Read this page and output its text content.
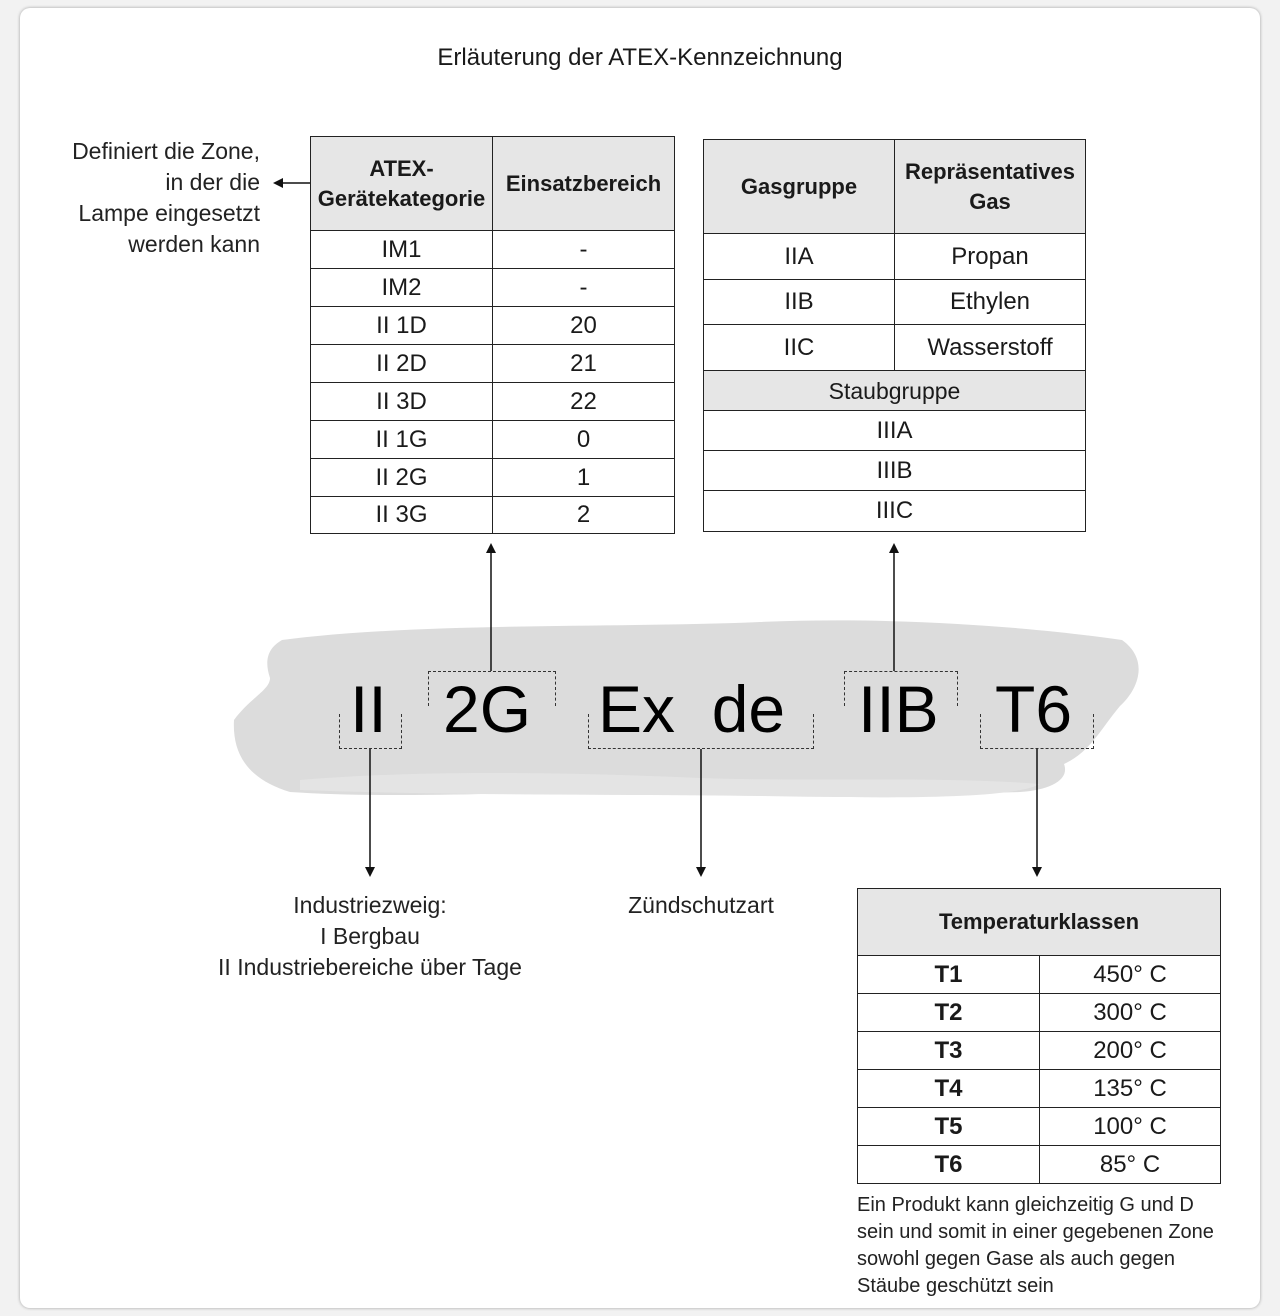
Erläuterung der ATEX-Kennzeichnung
Definiert die Zone,
in der die
Lampe eingesetzt
werden kann
ATEX-
Gerätekategorie	Einsatzbereich
IM1	-
IM2	-
II 1D	20
II 2D	21
II 3D	22
II 1G	0
II 2G	1
II 3G	2
Gasgruppe	Repräsentatives
Gas

IIA	Propan
IIB	Ethylen
IIC	Wasserstoff
Staubgruppe	
IIIA	
IIIB	
IIIC	
II 2G Ex  de IIB T6
Industriezweig:
I Bergbau
II Industriebereiche über Tage
Zündschutzart
Temperaturklassen	
T1	450° C
T2	300° C
T3	200° C
T4	135° C
T5	100° C
T6	85° C
Ein Produkt kann gleichzeitig G und D
sein und somit in einer gegebenen Zone
sowohl gegen Gase als auch gegen
Stäube geschützt sein
